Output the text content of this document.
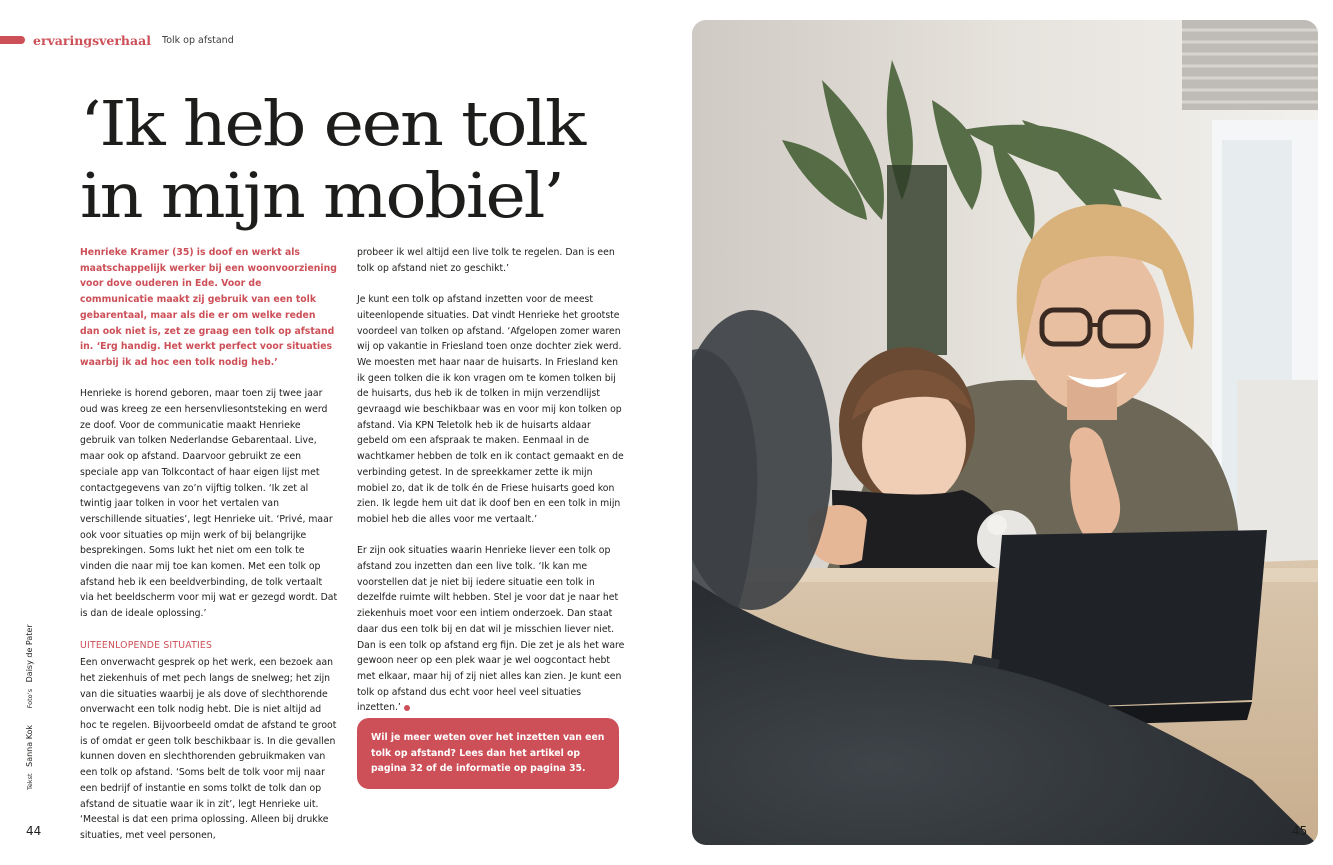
ervaringsverhaal Tolk op afstand
‘Ik heb een tolk
in mijn mobiel’

Henrieke Kramer (35) is doof en werkt als maatschappelijk werker bij een woonvoorziening voor dove ouderen in Ede. Voor de communicatie maakt zij gebruik van een tolk gebarentaal, maar als die er om welke reden dan ook niet is, zet ze graag een tolk op afstand in. ‘Erg handig. Het werkt perfect voor situaties waarbij ik ad hoc een tolk nodig heb.’

Henrieke is horend geboren, maar toen zij twee jaar oud was kreeg ze een hersenvliesontsteking en werd ze doof. Voor de communicatie maakt Henrieke gebruik van tolken Nederlandse Gebarentaal. Live, maar ook op afstand. Daarvoor gebruikt ze een speciale app van Tolkcontact of haar eigen lijst met contactgegevens van zo’n vijftig tolken. ‘Ik zet al twintig jaar tolken in voor het vertalen van verschillende situaties’, legt Henrieke uit. ‘Privé, maar ook voor situaties op mijn werk of bij belangrijke besprekingen. Soms lukt het niet om een tolk te vinden die naar mij toe kan komen. Met een tolk op afstand heb ik een beeldverbinding, de tolk vertaalt via het beeldscherm voor mij wat er gezegd wordt. Dat is dan de ideale oplossing.’

UITEENLOPENDE SITUATIES

Een onverwacht gesprek op het werk, een bezoek aan het ziekenhuis of met pech langs de snelweg; het zijn van die situaties waarbij je als dove of slechthorende onverwacht een tolk nodig hebt. Die is niet altijd ad hoc te regelen. Bijvoorbeeld omdat de afstand te groot is of omdat er geen tolk beschikbaar is. In die gevallen kunnen doven en slechthorenden gebruikmaken van een tolk op afstand. ‘Soms belt de tolk voor mij naar een bedrijf of instantie en soms tolkt de tolk dan op afstand de situatie waar ik in zit’, legt Henrieke uit. ‘Meestal is dat een prima oplossing. Alleen bij drukke situaties, met veel personen,

probeer ik wel altijd een live tolk te regelen. Dan is een tolk op afstand niet zo geschikt.’

Je kunt een tolk op afstand inzetten voor de meest uiteenlopende situaties. Dat vindt Henrieke het grootste voordeel van tolken op afstand. ‘Afgelopen zomer waren wij op vakantie in Friesland toen onze dochter ziek werd. We moesten met haar naar de huisarts. In Friesland ken ik geen tolken die ik kon vragen om te komen tolken bij de huisarts, dus heb ik de tolken in mijn verzendlijst gevraagd wie beschikbaar was en voor mij kon tolken op afstand. Via KPN Teletolk heb ik de huisarts aldaar gebeld om een afspraak te maken. Eenmaal in de wachtkamer hebben de tolk en ik contact gemaakt en de verbinding getest. In de spreekkamer zette ik mijn mobiel zo, dat ik de tolk én de Friese huisarts goed kon zien. Ik legde hem uit dat ik doof ben en een tolk in mijn mobiel heb die alles voor me vertaalt.’

Er zijn ook situaties waarin Henrieke liever een tolk op afstand zou inzetten dan een live tolk. ‘Ik kan me voorstellen dat je niet bij iedere situatie een tolk in dezelfde ruimte wilt hebben. Stel je voor dat je naar het ziekenhuis moet voor een intiem onderzoek. Dan staat daar dus een tolk bij en dat wil je misschien liever niet. Dan is een tolk op afstand erg fijn. Die zet je als het ware gewoon neer op een plek waar je wel oogcontact hebt met elkaar, maar hij of zij niet alles kan zien. Je kunt een tolk op afstand dus echt voor heel veel situaties inzetten.’

Wil je meer weten over het inzetten van een tolk op afstand? Lees dan het artikel op pagina 32 of de informatie op pagina 35.
Tekst Sanna Kok Foto’s Daisy de Pater
44	45
